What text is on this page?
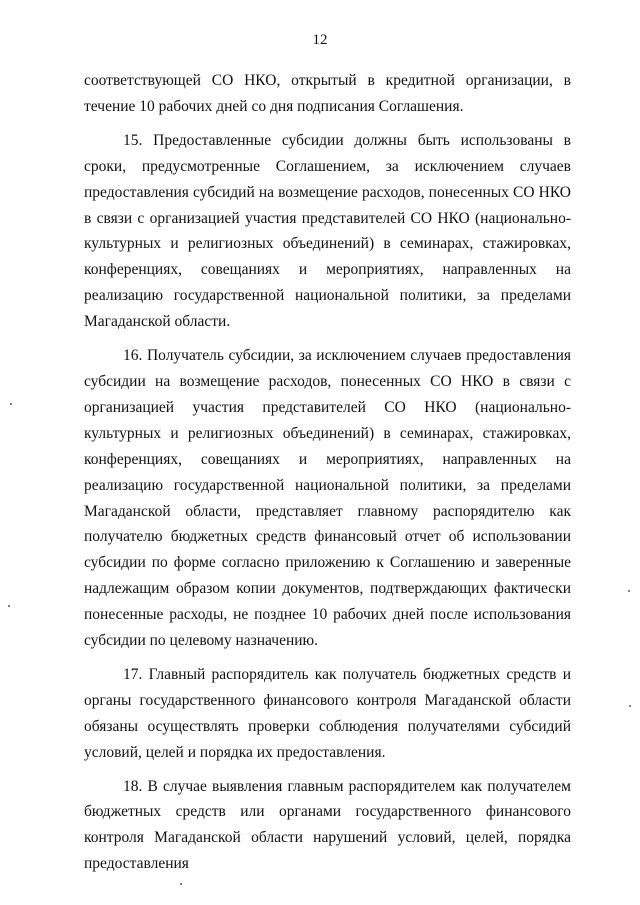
12

соответствующей СО НКО, открытый в кредитной организации, в течение 10 рабочих дней со дня подписания Соглашения.

15. Предоставленные субсидии должны быть использованы в сроки, предусмотренные Соглашением, за исключением случаев предоставления субсидий на возмещение расходов, понесенных СО НКО в связи с организацией участия представителей СО НКО (национально-культурных и религиозных объединений) в семинарах, стажировках, конференциях, совещаниях и мероприятиях, направленных на реализацию государственной национальной политики, за пределами Магаданской области.

16. Получатель субсидии, за исключением случаев предоставления субсидии на возмещение расходов, понесенных СО НКО в связи с организацией участия представителей СО НКО (национально-культурных и религиозных объединений) в семинарах, стажировках, конференциях, совещаниях и мероприятиях, направленных на реализацию государственной национальной политики, за пределами Магаданской области, представляет главному распорядителю как получателю бюджетных средств финансовый отчет об использовании субсидии по форме согласно приложению к Соглашению и заверенные надлежащим образом копии документов, подтверждающих фактически понесенные расходы, не позднее 10 рабочих дней после использования субсидии по целевому назначению.

17. Главный распорядитель как получатель бюджетных средств и органы государственного финансового контроля Магаданской области обязаны осуществлять проверки соблюдения получателями субсидий условий, целей и порядка их предоставления.

18. В случае выявления главным распорядителем как получателем бюджетных средств или органами государственного финансового контроля Магаданской области нарушений условий, целей, порядка предоставления
